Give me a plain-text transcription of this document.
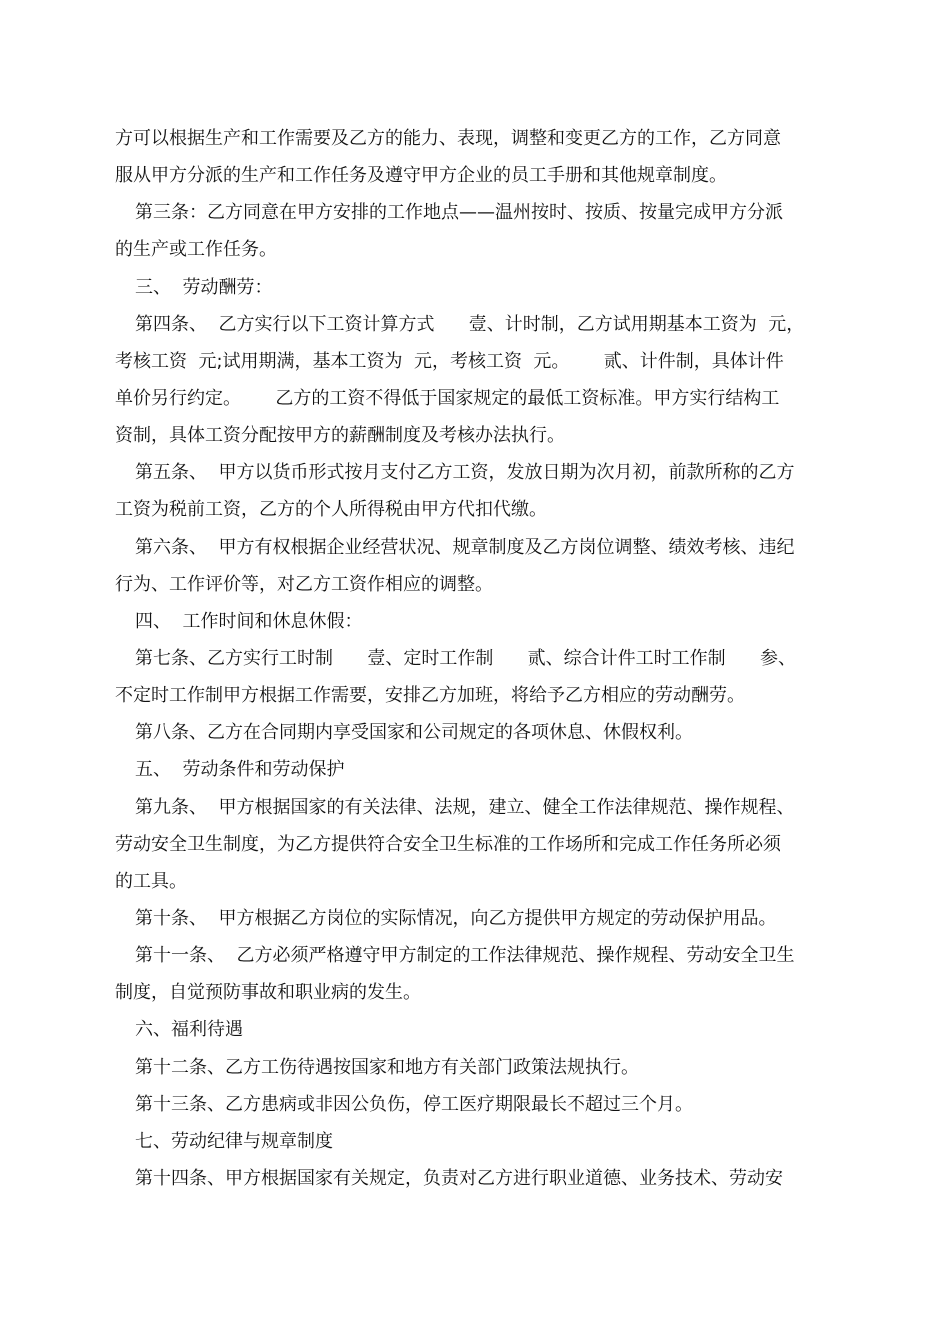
方可以根据生产和工作需要及乙方的能力、表现，调整和变更乙方的工作，乙方同意
服从甲方分派的生产和工作任务及遵守甲方企业的员工手册和其他规章制度。
第三条：乙方同意在甲方安排的工作地点——温州按时、按质、按量完成甲方分派
的生产或工作任务。
三、  劳动酬劳：
第四条、  乙方实行以下工资计算方式      壹、计时制，乙方试用期基本工资为  元，
考核工资  元;试用期满，基本工资为  元，考核工资  元。      贰、计件制，具体计件
单价另行约定。      乙方的工资不得低于国家规定的最低工资标准。甲方实行结构工
资制，具体工资分配按甲方的薪酬制度及考核办法执行。
第五条、  甲方以货币形式按月支付乙方工资，发放日期为次月初，前款所称的乙方
工资为税前工资，乙方的个人所得税由甲方代扣代缴。
第六条、  甲方有权根据企业经营状况、规章制度及乙方岗位调整、绩效考核、违纪
行为、工作评价等，对乙方工资作相应的调整。
四、  工作时间和休息休假：
第七条、乙方实行工时制      壹、定时工作制      贰、综合计件工时工作制      参、
不定时工作制甲方根据工作需要，安排乙方加班，将给予乙方相应的劳动酬劳。
第八条、乙方在合同期内享受国家和公司规定的各项休息、休假权利。
五、  劳动条件和劳动保护
第九条、  甲方根据国家的有关法律、法规，建立、健全工作法律规范、操作规程、
劳动安全卫生制度，为乙方提供符合安全卫生标准的工作场所和完成工作任务所必须
的工具。
第十条、  甲方根据乙方岗位的实际情况，向乙方提供甲方规定的劳动保护用品。
第十一条、  乙方必须严格遵守甲方制定的工作法律规范、操作规程、劳动安全卫生
制度，自觉预防事故和职业病的发生。
六、福利待遇
第十二条、乙方工伤待遇按国家和地方有关部门政策法规执行。
第十三条、乙方患病或非因公负伤，停工医疗期限最长不超过三个月。
七、劳动纪律与规章制度
第十四条、甲方根据国家有关规定，负责对乙方进行职业道德、业务技术、劳动安
